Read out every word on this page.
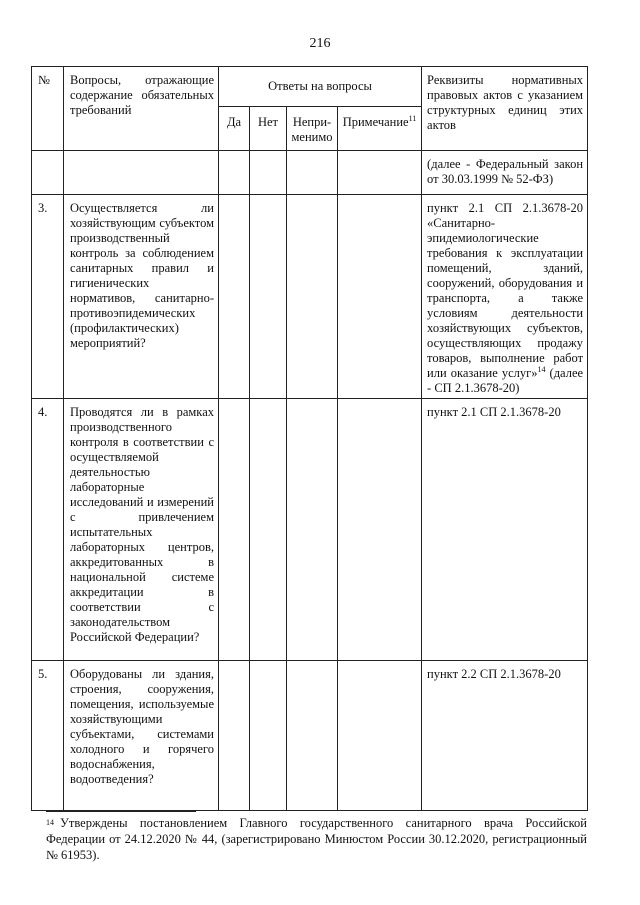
216
№	Вопросы, отражающие содержание обязательных требований	Ответы на вопросы				Реквизиты нормативных правовых актов с указанием структурных единиц этих актов
		Да	Нет	Непри-менимо	Примечание$^{11}$
						(далее - Федеральный закон от 30.03.1999 № 52-ФЗ)
3.	Осуществляется ли хозяйствующим субъектом производственный контроль за соблюдением санитарных правил и гигиенических нормативов, санитарно-противоэпидемических (профилактических) мероприятий?					пункт 2.1 СП 2.1.3678-20 «Санитарно-эпидемиологические требования к эксплуатации помещений, зданий, сооружений, оборудования и транспорта, а также условиям деятельности хозяйствующих субъектов, осуществляющих продажу товаров, выполнение работ или оказание услуг»$^{14}$ (далее - СП 2.1.3678-20)
4.	Проводятся ли в рамках производственного контроля в соответствии с осуществляемой деятельностью лабораторные исследований и измерений с привлечением испытательных лабораторных центров, аккредитованных в национальной системе аккредитации в соответствии с законодательством Российской Федерации?					пункт 2.1 СП 2.1.3678-20
5.	Оборудованы ли здания, строения, сооружения, помещения, используемые хозяйствующими субъектами, системами холодного и горячего водоснабжения, водоотведения?					пункт 2.2 СП 2.1.3678-20
$^{14}$ Утверждены постановлением Главного государственного санитарного врача Российской Федерации от 24.12.2020 № 44, (зарегистрировано Минюстом России 30.12.2020, регистрационный № 61953).
